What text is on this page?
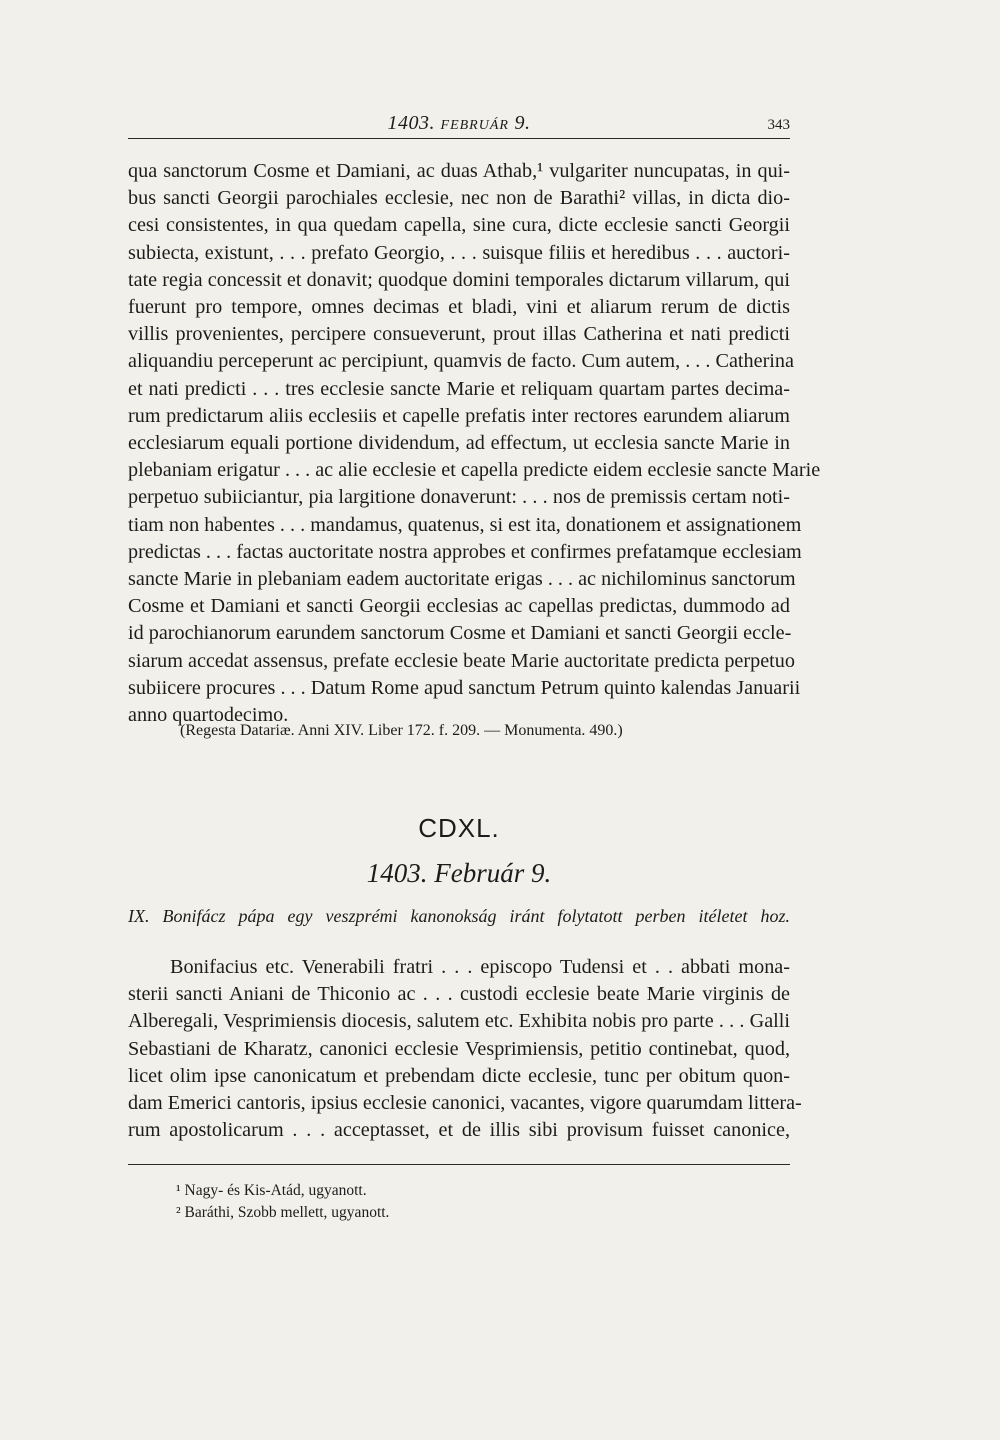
1403. FEBRUÁR 9.	343
qua sanctorum Cosme et Damiani, ac duas Athab,¹ vulgariter nuncupatas, in qui-
bus sancti Georgii parochiales ecclesie, nec non de Barathi² villas, in dicta dio-
cesi consistentes, in qua quedam capella, sine cura, dicte ecclesie sancti Georgii
subiecta, existunt, . . . prefato Georgio, . . . suisque filiis et heredibus . . . auctori-
tate regia concessit et donavit; quodque domini temporales dictarum villarum, qui
fuerunt pro tempore, omnes decimas et bladi, vini et aliarum rerum de dictis
villis provenientes, percipere consueverunt, prout illas Catherina et nati predicti
aliquandiu perceperunt ac percipiunt, quamvis de facto. Cum autem, . . . Catherina
et nati predicti . . . tres ecclesie sancte Marie et reliquam quartam partes decima-
rum predictarum aliis ecclesiis et capelle prefatis inter rectores earundem aliarum
ecclesiarum equali portione dividendum, ad effectum, ut ecclesia sancte Marie in
plebaniam erigatur . . . ac alie ecclesie et capella predicte eidem ecclesie sancte Marie
perpetuo subiiciantur, pia largitione donaverunt: . . . nos de premissis certam noti-
tiam non habentes . . . mandamus, quatenus, si est ita, donationem et assignationem
predictas . . . factas auctoritate nostra approbes et confirmes prefatamque ecclesiam
sancte Marie in plebaniam eadem auctoritate erigas . . . ac nichilominus sanctorum
Cosme et Damiani et sancti Georgii ecclesias ac capellas predictas, dummodo ad
id parochianorum earundem sanctorum Cosme et Damiani et sancti Georgii eccle-
siarum accedat assensus, prefate ecclesie beate Marie auctoritate predicta perpetuo
subiicere procures . . . Datum Rome apud sanctum Petrum quinto kalendas Januarii
anno quartodecimo.
(Regesta Datariæ. Anni XIV. Liber 172. f. 209. — Monumenta. 490.)
CDXL.
1403. Február 9.
IX. Bonifácz pápa egy veszprémi kanonokság iránt folytatott perben itéletet hoz.
Bonifacius etc. Venerabili fratri . . . episcopo Tudensi et . . abbati mona-
sterii sancti Aniani de Thiconio ac . . . custodi ecclesie beate Marie virginis de
Alberegali, Vesprimiensis diocesis, salutem etc. Exhibita nobis pro parte . . . Galli
Sebastiani de Kharatz, canonici ecclesie Vesprimiensis, petitio continebat, quod,
licet olim ipse canonicatum et prebendam dicte ecclesie, tunc per obitum quon-
dam Emerici cantoris, ipsius ecclesie canonici, vacantes, vigore quarumdam littera-
rum apostolicarum . . . acceptasset, et de illis sibi provisum fuisset canonice,
¹ Nagy- és Kis-Atád, ugyanott.
² Baráthi, Szobb mellett, ugyanott.
